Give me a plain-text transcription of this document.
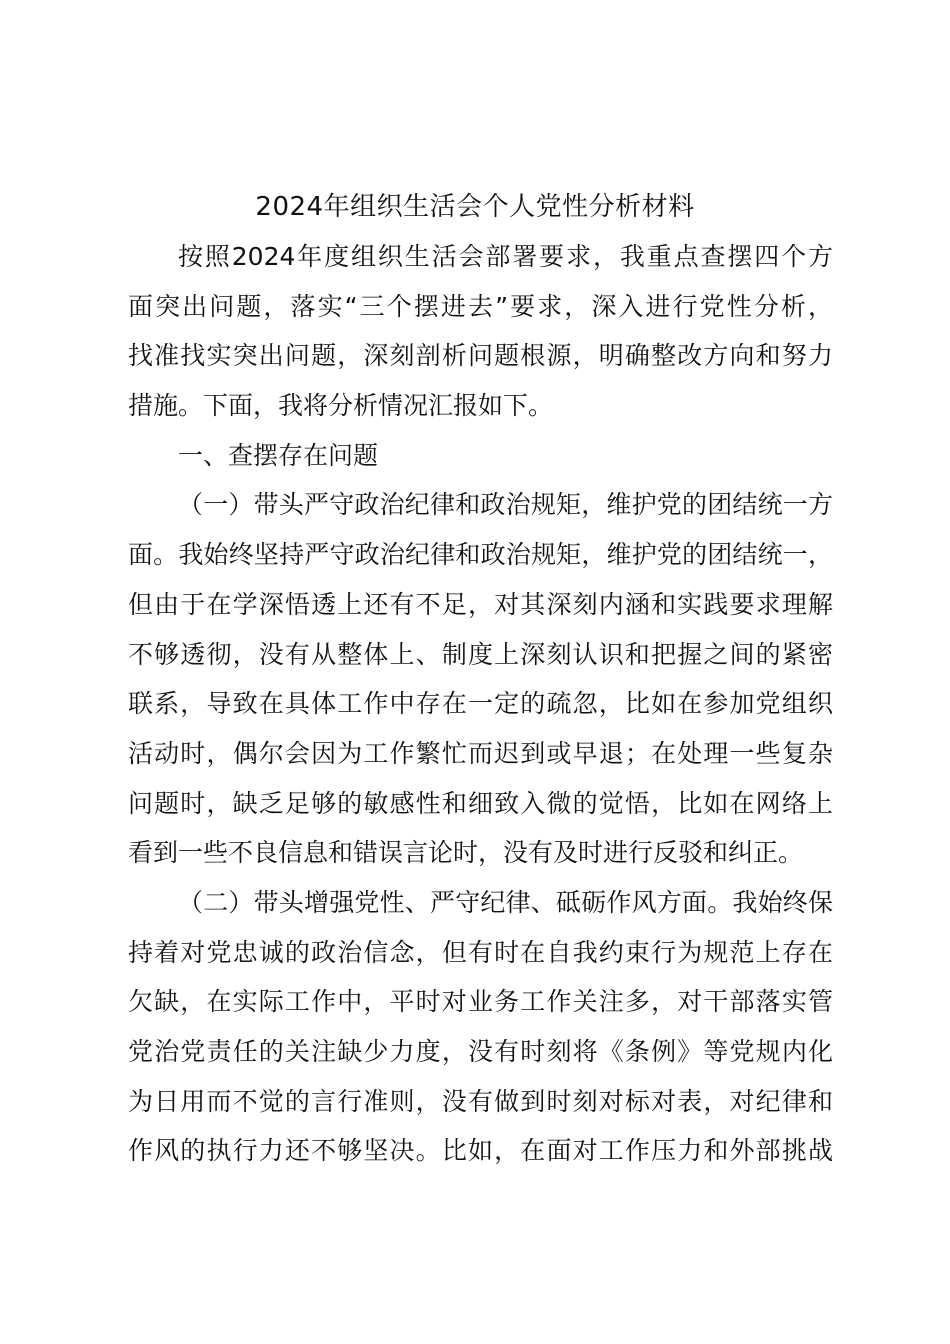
2024年组织生活会个人党性分析材料
按照2024年度组织生活会部署要求，我重点查摆四个方
面突出问题，落实“三个摆进去”要求，深入进行党性分析，
找准找实突出问题，深刻剖析问题根源，明确整改方向和努力
措施。下面，我将分析情况汇报如下。
一、查摆存在问题
（一）带头严守政治纪律和政治规矩，维护党的团结统一方
面。我始终坚持严守政治纪律和政治规矩，维护党的团结统一，
但由于在学深悟透上还有不足，对其深刻内涵和实践要求理解
不够透彻，没有从整体上、制度上深刻认识和把握之间的紧密
联系，导致在具体工作中存在一定的疏忽，比如在参加党组织
活动时，偶尔会因为工作繁忙而迟到或早退；在处理一些复杂
问题时，缺乏足够的敏感性和细致入微的觉悟，比如在网络上
看到一些不良信息和错误言论时，没有及时进行反驳和纠正。
（二）带头增强党性、严守纪律、砥砺作风方面。我始终保
持着对党忠诚的政治信念，但有时在自我约束行为规范上存在
欠缺，在实际工作中，平时对业务工作关注多，对干部落实管
党治党责任的关注缺少力度，没有时刻将《条例》等党规内化
为日用而不觉的言行准则，没有做到时刻对标对表，对纪律和
作风的执行力还不够坚决。比如，在面对工作压力和外部挑战
